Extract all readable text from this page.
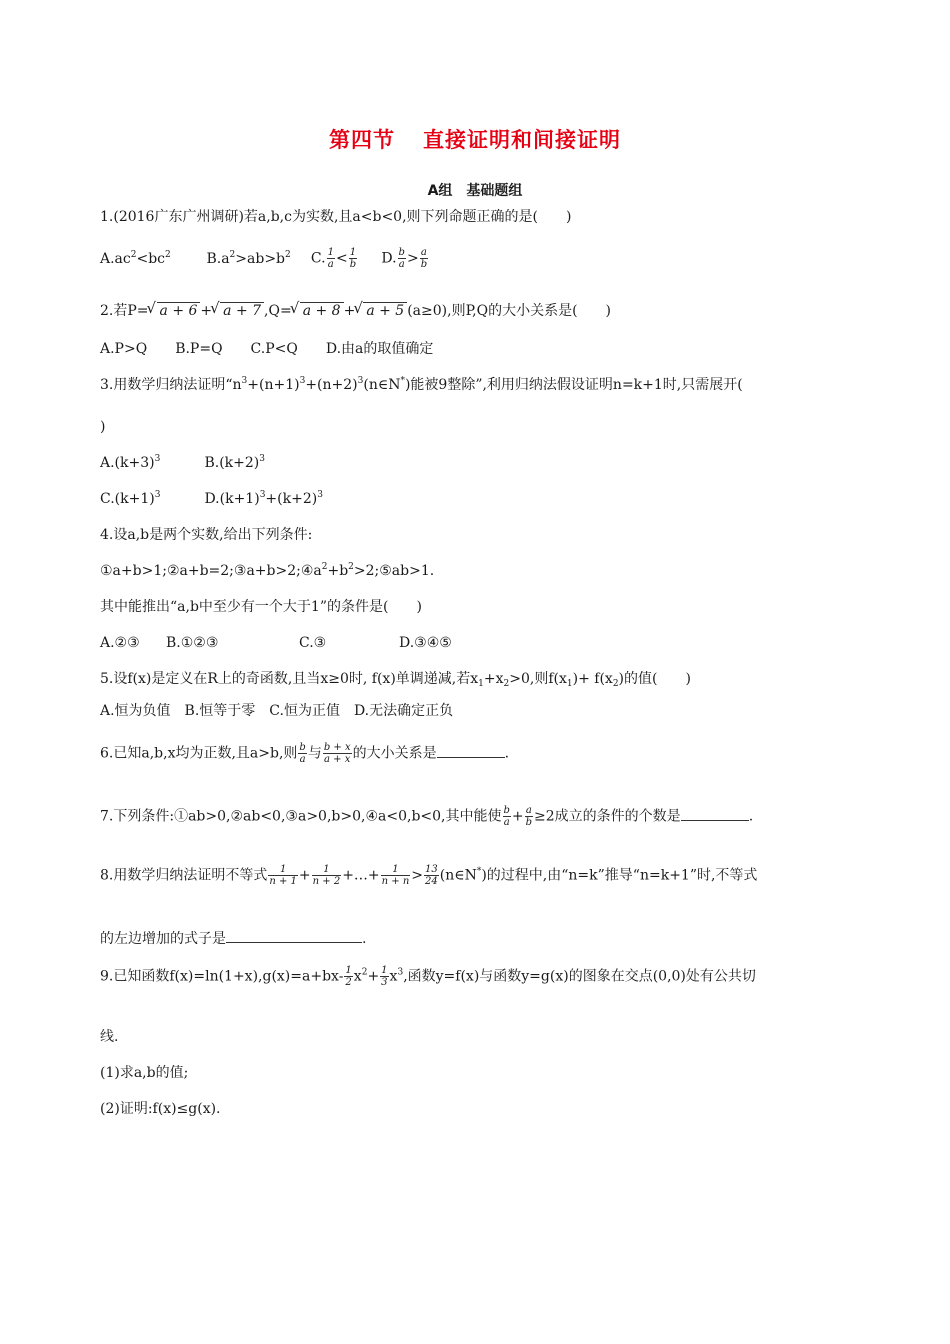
第四节 直接证明和间接证明
A组 基础题组
1.(2016广东广州调研)若a,b,c为实数,且a<b<0,则下列命题正确的是(　　)
$A.ac^2<bc^2$	$B.a^2>ab>b^2$ C. $\frac{1}{a} < \frac{1}{b} D$. $\frac{b}{a} > \frac{a}{b}$
2.若P= √ a + 6 + √ a + 7 ,Q= √ a + 8 + √ a + 5 (a≥0),则P,Q的大小关系是(　　)
A.P>Q　　B.P=Q　　C.P<Q　　D.由a的取值确定
3.用数学归纳法证明“$n^3+(n+1)^3+(n+2)^3(n\in N^*)$能被9整除”,利用归纳法假设证明n=k+1时,只需展开(
)
$A.(k+3)^3$	$B.(k+2)^3$
$C.(k+1)^3$	$D.(k+1)^3+(k+2)^3$
4.设a,b是两个实数,给出下列条件:
$①a+b>1;②a+b=2;③a+b>2;④a^2+b^2>2;⑤ab>1$.
其中能推出“a,b中至少有一个大于1”的条件是(　　)
A.②③ B.①②③	C.③	D.③④⑤
5.设f(x)是定义在R上的奇函数,且当x≥0时, f(x)单调递减,若$x_1+x_2>0$,则$f(x_1)+ f(x_2)$的值(　　)
A.恒为负值　B.恒等于零　C.恒为正值　D.无法确定正负
6.已知a,b,x均为正数,且a>b,则 $\frac{b}{a}$ 与 $\frac{b + x}{a + x}$ 的大小关系是	.
7.下列条件:①ab>0,②ab<0,③a>0,b>0,④a<0,b<0,其中能使 $\frac{b}{a} + \frac{a}{b} \ge 2$成立的条件的个数是	.
8.用数学归纳法证明不等式 $\frac{1}{n + 1} + \frac{1}{n + 2}$ +…+ $\frac{1}{n + n} > \frac{13}{24}$ (n∈N*)的过程中,由“n=k”推导“n=k+1”时,不等式
的左边增加的式子是	.
9.已知函数$f(x)=\ln(1+x),g(x)=a+bx- \frac{1}{2} x^2+ \frac{1}{3} x^3$,函数y=f(x)与函数y=g(x)的图象在交点(0,0)处有公共切
线.
(1)求a,b的值;
(2)证明:f(x)≤g(x).
